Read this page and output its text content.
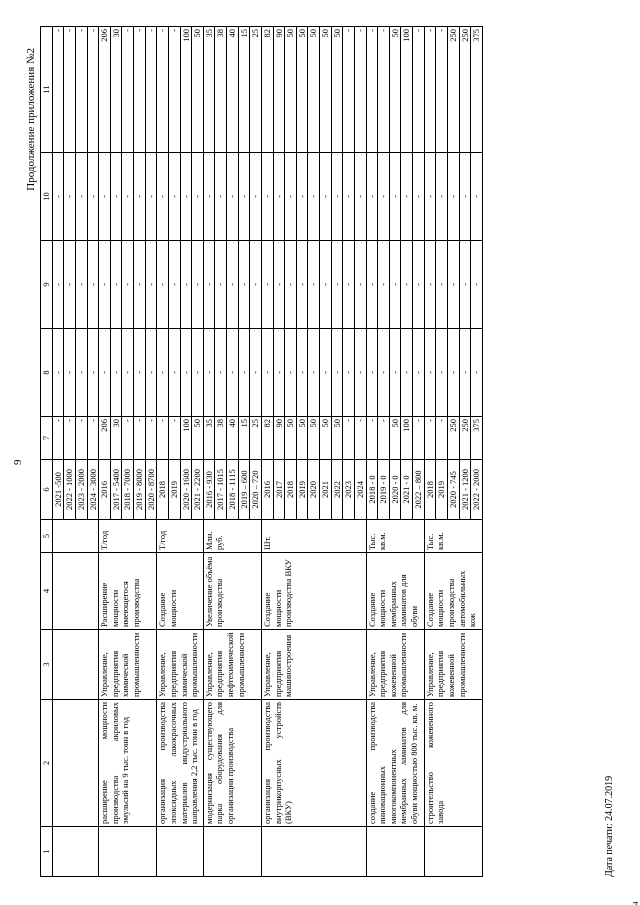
9
Продолжение приложения №2
1	2	3	4	5	6	7	8	9	10	11
					2021 -500	-	-	-	-	-
					2022 - 1000	-	-	-	-	-
					2023 - 2000	-	-	-	-	-
					2024 - 3000	-	-	-	-	-
	расширение мощности производства акриловых эмульсий на 9 тыс. тонн в год	Управление, предприятия химической промышленности	Расширение мощности имеющегося производства	Т/год	2016	206	-	-	-	206
					2017 - 5400	30	-	-	-	30
					2018 - 7000	-	-	-	-	-
					2019 - 8000	-	-	-	-	-
					2020 - 8700	-	-	-	-	-
	организация производства эпоксидных лакокрасочных материалов индустриального направления 2,2 тыс. тонн в год	Управление, предприятия химической промышленности	Создание мощности	Т/год	2018	-	-	-	-	-
					2019	-	-	-	-	-
					2020 - 1600	100	-	-	-	100
					2021 - 2200	50	-	-	-	50
	модернизация существующего парка оборудования для организации производства	Управление, предприятия нефтехимической промышленности	Увеличение объёма производства	Млн. руб.	2016 - 930	35	-	-	-	35
					2017 - 1015	38	-	-	-	38
					2018 - 1115	40	-	-	-	40
					2019 – 600	15	-	-	-	15
					2020 – 720	25	-	-	-	25
	организация производства внутрикорпусных устройств (ВКУ)	Управление, предприятия машиностроения	Создание мощности производства ВКУ	Шт.	2016	82	-	-	-	82
					2017	90	-	-	-	90
					2018	50	-	-	-	50
					2019	50	-	-	-	50
					2020	50	-	-	-	50
					2021	50	-	-	-	50
					2022	50	-	-	-	50
					2023	-	-	-	-	-
					2024	-	-	-	-	-
	создание производства инновационных многокомпонентных мембранных ламинатов для обуви мощностью 800 тыс. кв. м.	Управление, предприятия кожевенной промышленности	Создание мощности мембранных ламинатов для обуви	Тыс. кв.м.	2018 - 0	-	-	-	-	-
					2019 - 0	-	-	-	-	-
					2020 - 0	50	-	-	-	50
					2021 - 0	100	-	-	-	100
					2022 – 800	-	-	-	-	-
	строительство кожевенного завода	Управление, предприятия кожевенной промышленности	Создание мощности производства автомобильных кож	Тыс. кв.м.	2018	-	-	-	-	-
					2019	-	-	-	-	-
					2020 - 745	250	-	-	-	250
					2021 - 1200	250	-	-	-	250
					2022 - 2000	375	-	-	-	375
Дата печати: 24.07.2019
4
